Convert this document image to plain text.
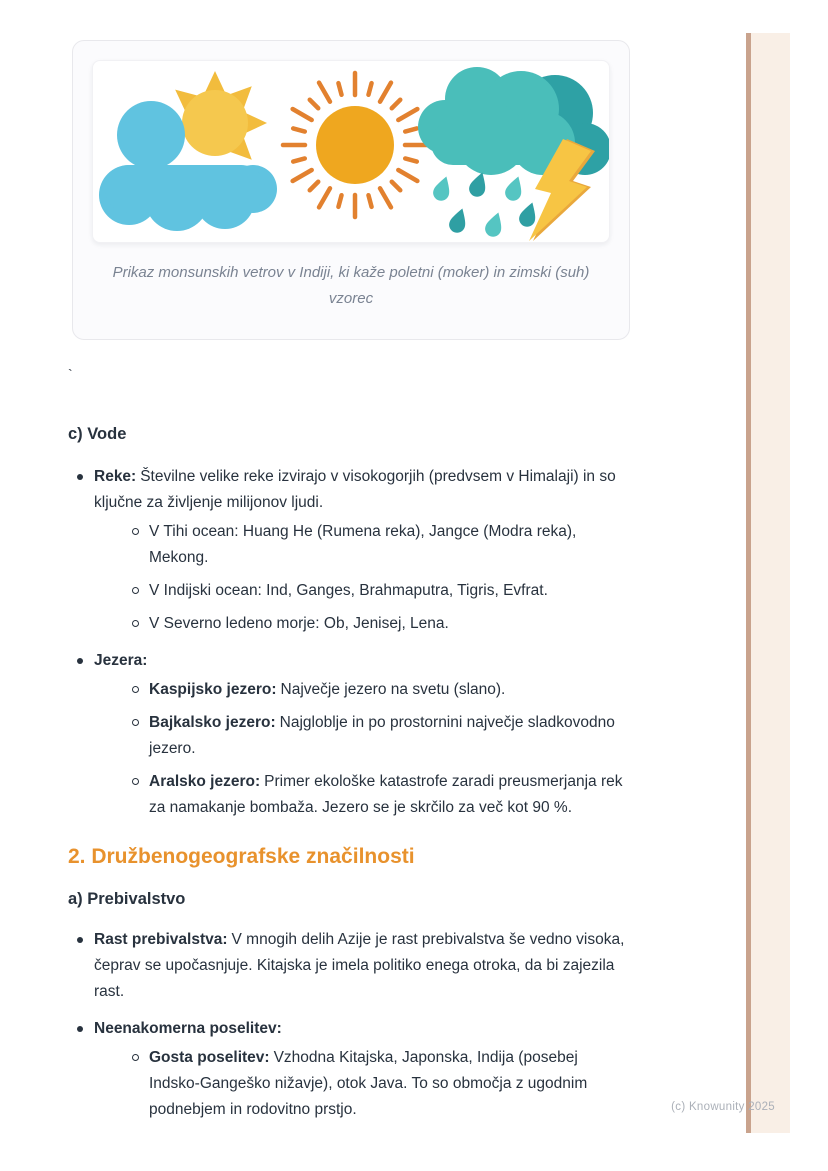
Prikaz monsunskih vetrov v Indiji, ki kaže poletni (moker) in zimski (suh) vzorec
`
c) Vode
Reke: Številne velike reke izvirajo v visokogorjih (predvsem v Himalaji) in so ključne za življenje milijonov ljudi.
V Tihi ocean: Huang He (Rumena reka), Jangce (Modra reka), Mekong.
V Indijski ocean: Ind, Ganges, Brahmaputra, Tigris, Evfrat.
V Severno ledeno morje: Ob, Jenisej, Lena.
Jezera:
Kaspijsko jezero: Največje jezero na svetu (slano).
Bajkalsko jezero: Najgloblje in po prostornini največje sladkovodno jezero.
Aralsko jezero: Primer ekološke katastrofe zaradi preusmerjanja rek za namakanje bombaža. Jezero se je skrčilo za več kot 90 %.
2. Družbenogeografske značilnosti
a) Prebivalstvo
Rast prebivalstva: V mnogih delih Azije je rast prebivalstva še vedno visoka, čeprav se upočasnjuje. Kitajska je imela politiko enega otroka, da bi zajezila rast.
Neenakomerna poselitev:
Gosta poselitev: Vzhodna Kitajska, Japonska, Indija (posebej Indsko-Gangeško nižavje), otok Java. To so območja z ugodnim podnebjem in rodovitno prstjo.	(c) Knowunity 2025
